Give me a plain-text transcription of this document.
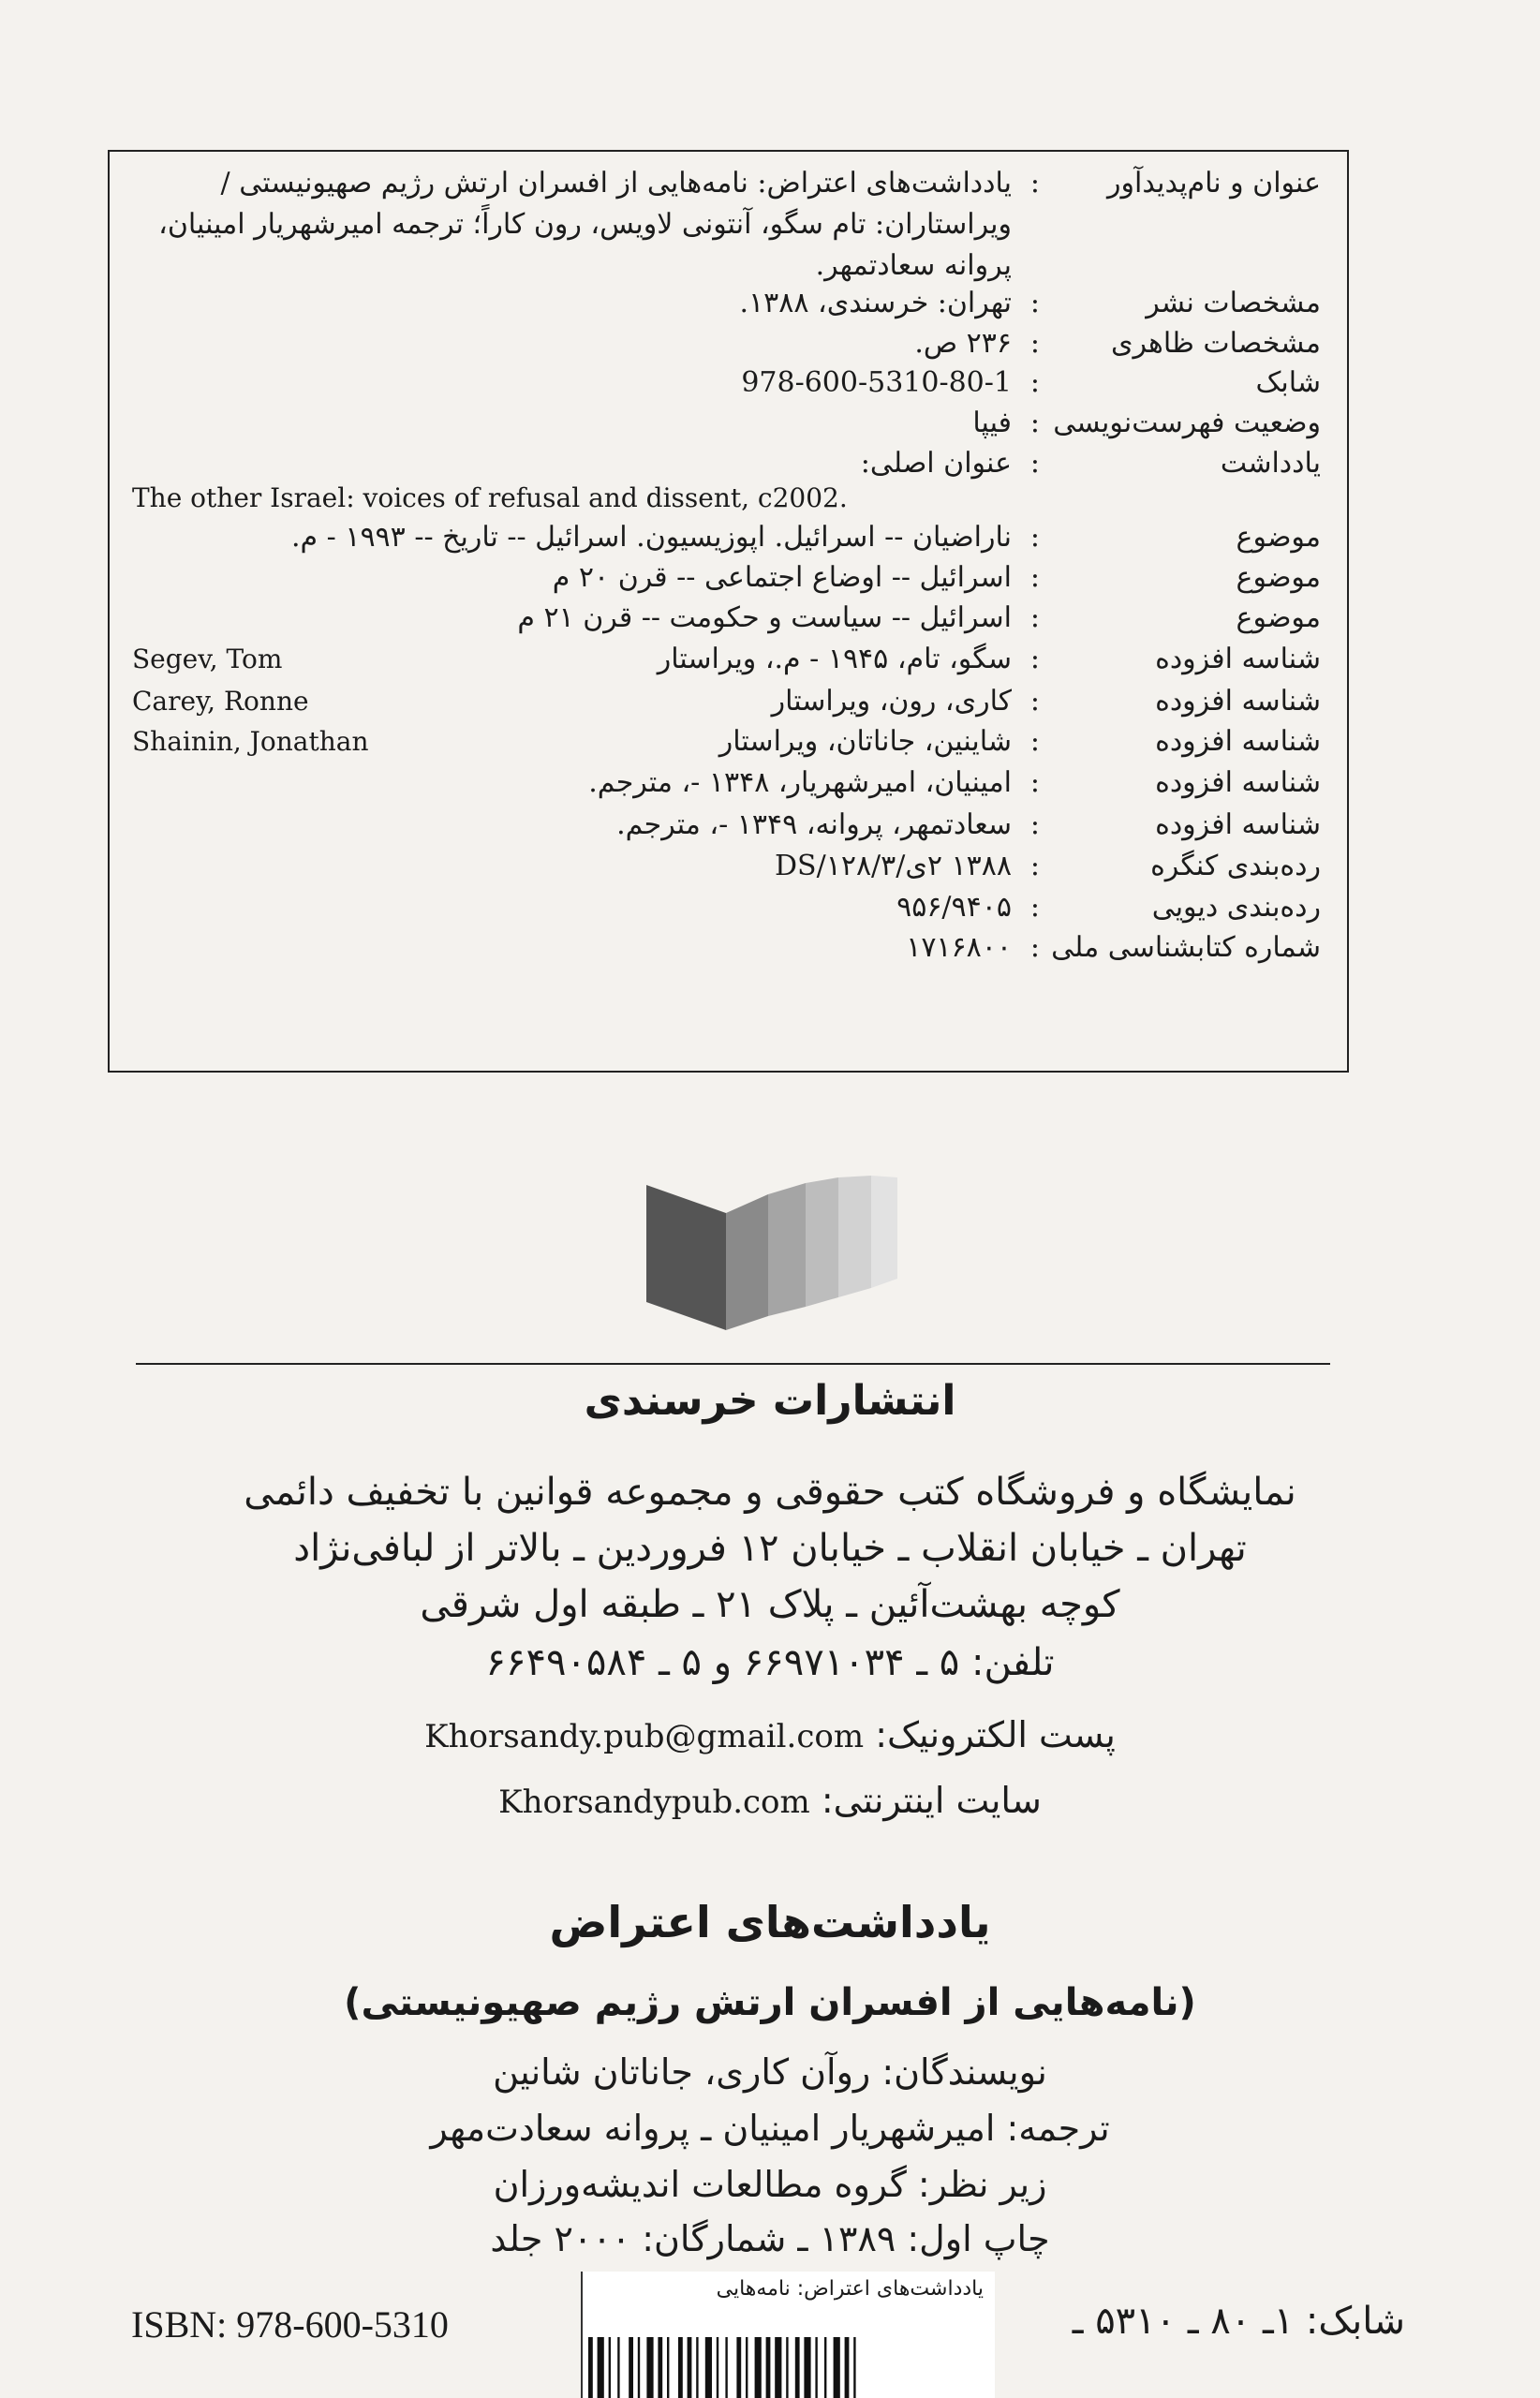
عنوان و نام‌پدیدآور
:
یادداشت‌های اعتراض: نامه‌هایی از افسران ارتش رژیم صهیونیستی / ‌ویراستاران: تام سگو، آنتونی لاویس، رون کاراً؛ ترجمه امیرشهریار امینیان، پروانه سعادتمهر.
مشخصات نشر
:
تهران: خرسندی، ۱۳۸۸.
مشخصات ظاهری
:
۲۳۶ ص.
شابک
:
978-600-5310-80-1
وضعیت فهرست‌نویسی
:
فیپا
یادداشت
:
عنوان اصلی:
The other Israel: voices of refusal and dissent, c2002.
موضوع
:
ناراضیان -- اسرائیل. اپوزیسیون. اسرائیل -- تاریخ -- ۱۹۹۳ - م.
موضوع
:
اسرائیل -- اوضاع اجتماعی -- قرن ۲۰ م
موضوع
:
اسرائیل -- سیاست و حکومت -- قرن ۲۱ م
شناسه افزوده
:
سگو، تام، ۱۹۴۵ - م.، ویراستار
Segev, Tom
شناسه افزوده
:
کاری، رون، ویراستار
Carey, Ronne
شناسه افزوده
:
شاینین، جاناتان، ویراستار
Shainin, Jonathan
شناسه افزوده
:
امینیان، امیرشهریار، ۱۳۴۸ -، مترجم.
شناسه افزوده
:
سعادتمهر، پروانه، ۱۳۴۹ -، مترجم.
رده‌بندی کنگره
:
۱۳۸۸ ۲ی/۱۲۸/۳/DS
رده‌بندی دیویی
:
۹۵۶/۹۴۰۵
شماره کتابشناسی ملی
:
۱۷۱۶۸۰۰
انتشارات خرسندی
نمایشگاه و فروشگاه کتب حقوقی و مجموعه قوانین با تخفیف دائمی
تهران ـ خیابان انقلاب ـ خیابان ۱۲ فروردین ـ بالاتر از لبافی‌نژاد
کوچه بهشت‌آئین ـ پلاک ۲۱ ـ طبقه اول شرقی
تلفن: ۵ ـ ۶۶۹۷۱۰۳۴ و ۵ ـ ۶۶۴۹۰۵۸۴
پست الکترونیک: Khorsandy.pub@gmail.com
سایت اینترنتی: Khorsandypub.com
یادداشت‌های اعتراض
(نامه‌هایی از افسران ارتش رژیم صهیونیستی)
نویسندگان: روآن کاری، جاناتان شانین
ترجمه: امیرشهریار امینیان ـ پروانه سعادت‌مهر
زیر نظر: گروه مطالعات اندیشه‌ورزان
چاپ اول: ۱۳۸۹ ـ شمارگان: ۲۰۰۰ جلد
ISBN: 978-600-5310
یادداشت‌های اعتراض: نامه‌هایی
شابک: ۱ـ ۸۰ ـ ۵۳۱۰ ـ
